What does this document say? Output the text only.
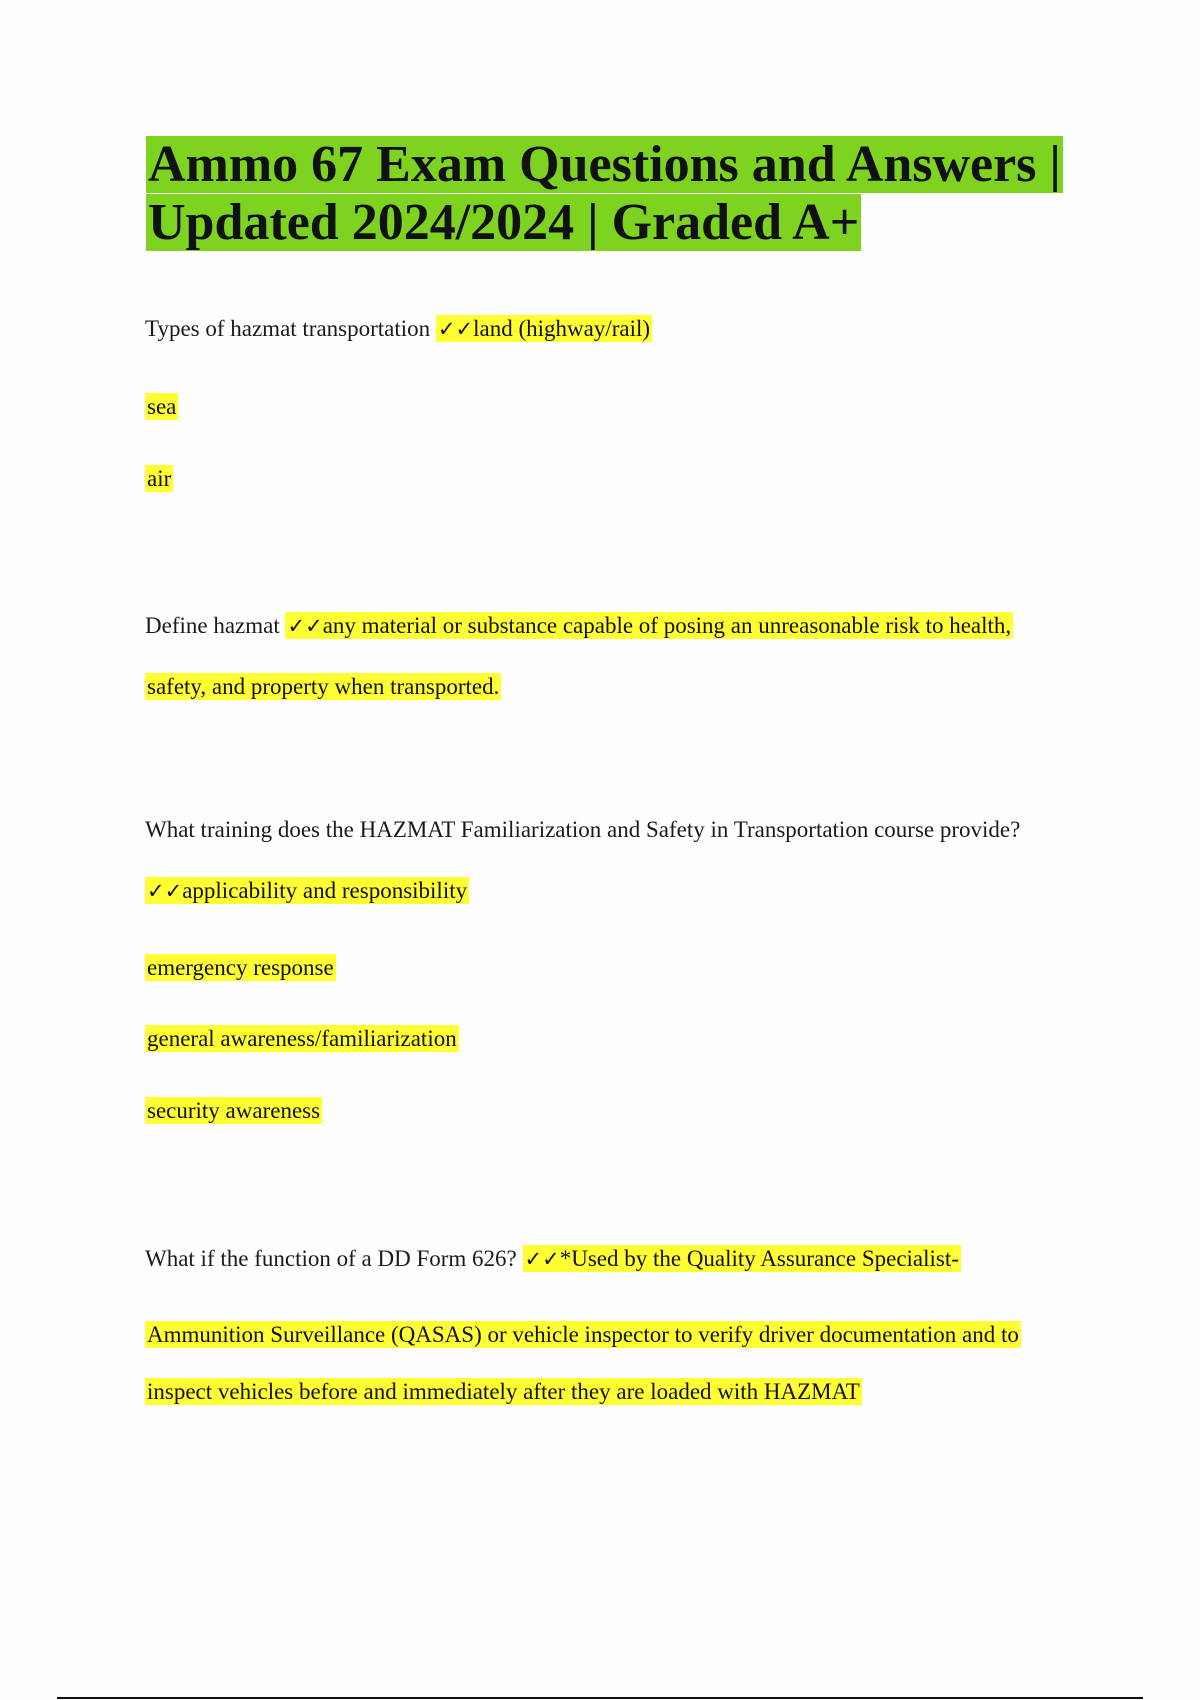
Ammo 67 Exam Questions and Answers |
Updated 2024/2024 | Graded A+
Types of hazmat transportation ✓✓land (highway/rail)
sea
air
Define hazmat ✓✓any material or substance capable of posing an unreasonable risk to health,
safety, and property when transported.
What training does the HAZMAT Familiarization and Safety in Transportation course provide?
✓✓applicability and responsibility
emergency response
general awareness/familiarization
security awareness
What if the function of a DD Form 626? ✓✓*Used by the Quality Assurance Specialist-
Ammunition Surveillance (QASAS) or vehicle inspector to verify driver documentation and to
inspect vehicles before and immediately after they are loaded with HAZMAT
